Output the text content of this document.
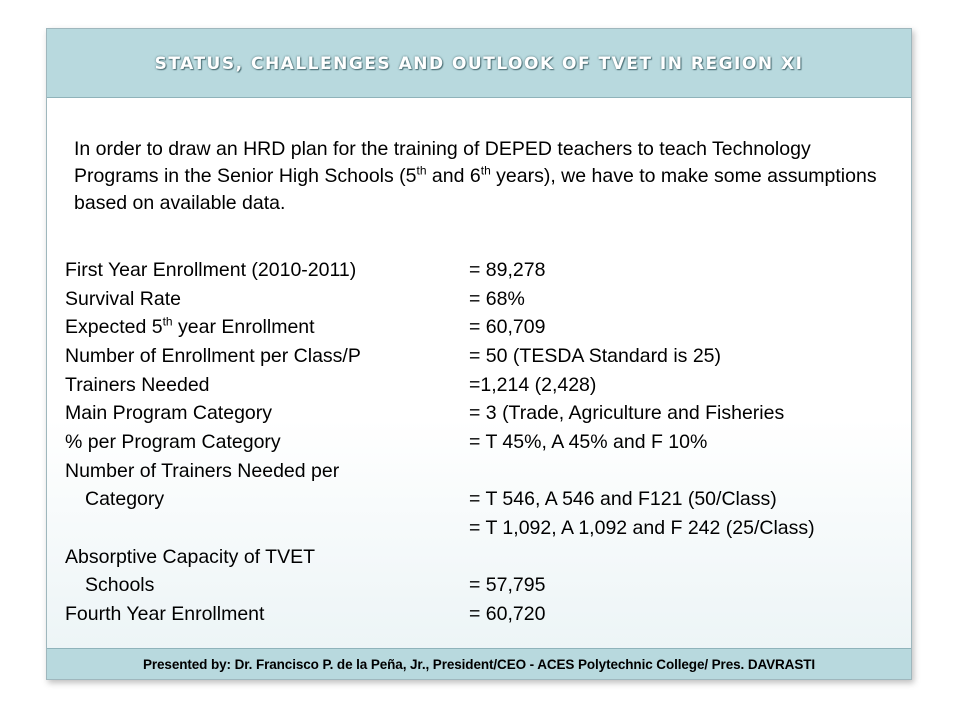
STATUS, CHALLENGES AND OUTLOOK OF TVET IN REGION XI
Presented by: Dr. Francisco P. de la Peña, Jr., President/CEO - ACES Polytechnic College/ Pres. DAVRASTI

In order to draw an HRD plan for the training of DEPED teachers to teach Technology Programs in the Senior High Schools (5th and 6th years), we have to make some assumptions based on available data.

First Year Enrollment (2010-2011)	= 89,278
Survival Rate	= 68%
Expected 5th year Enrollment	= 60,709
Number of Enrollment per Class/P	= 50 (TESDA Standard is 25)
Trainers Needed	=1,214 (2,428)
Main Program Category	= 3 (Trade, Agriculture and Fisheries
% per Program Category	= T 45%, A 45% and F 10%
Number of Trainers Needed per	
Category	= T 546, A 546 and F121 (50/Class)
	= T 1,092, A 1,092 and F 242 (25/Class)
Absorptive Capacity of TVET	
Schools	= 57,795
Fourth Year Enrollment	= 60,720
